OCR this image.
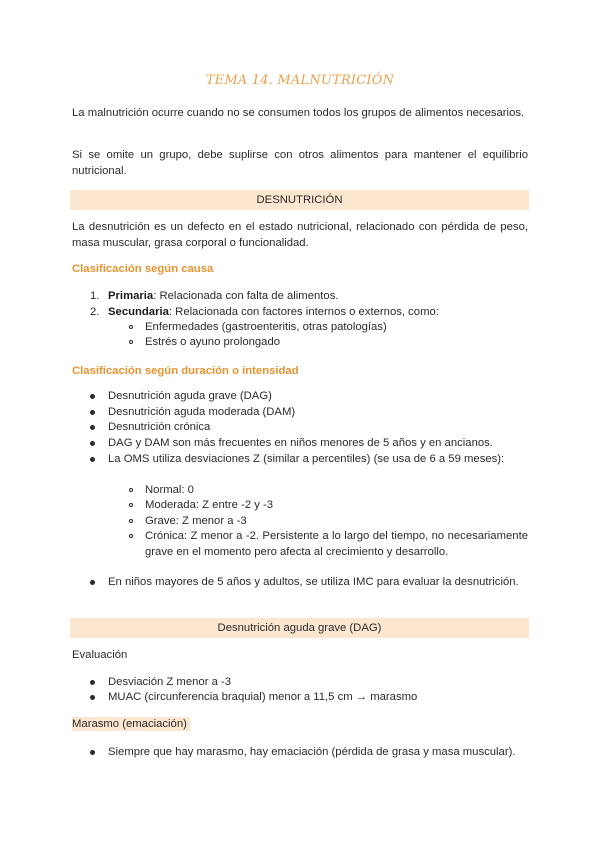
TEMA 14. MALNUTRICIÓN
La malnutrición ocurre cuando no se consumen todos los grupos de alimentos necesarios.
Si se omite un grupo, debe suplirse con otros alimentos para mantener el equilibrio nutricional.
DESNUTRICIÓN
La desnutrición es un defecto en el estado nutricional, relacionado con pérdida de peso, masa muscular, grasa corporal o funcionalidad.
Clasificación según causa
1. Primaria: Relacionada con falta de alimentos.
2. Secundaria: Relacionada con factores internos o externos, como:
Enfermedades (gastroenteritis, otras patologías)
Estrés o ayuno prolongado
Clasificación según duración o intensidad
Desnutrición aguda grave (DAG)
Desnutrición aguda moderada (DAM)
Desnutrición crónica
DAG y DAM son más frecuentes en niños menores de 5 años y en ancianos.
La OMS utiliza desviaciones Z (similar a percentiles) (se usa de 6 a 59 meses):
Normal: 0
Moderada: Z entre -2 y -3
Grave: Z menor a -3
Crónica: Z menor a -2. Persistente a lo largo del tiempo, no necesariamente grave en el momento pero afecta al crecimiento y desarrollo.
En niños mayores de 5 años y adultos, se utiliza IMC para evaluar la desnutrición.
Desnutrición aguda grave (DAG)
Evaluación
Desviación Z menor a -3
MUAC (circunferencia braquial) menor a 11,5 cm → marasmo
Marasmo (emaciación)
Siempre que hay marasmo, hay emaciación (pérdida de grasa y masa muscular).
